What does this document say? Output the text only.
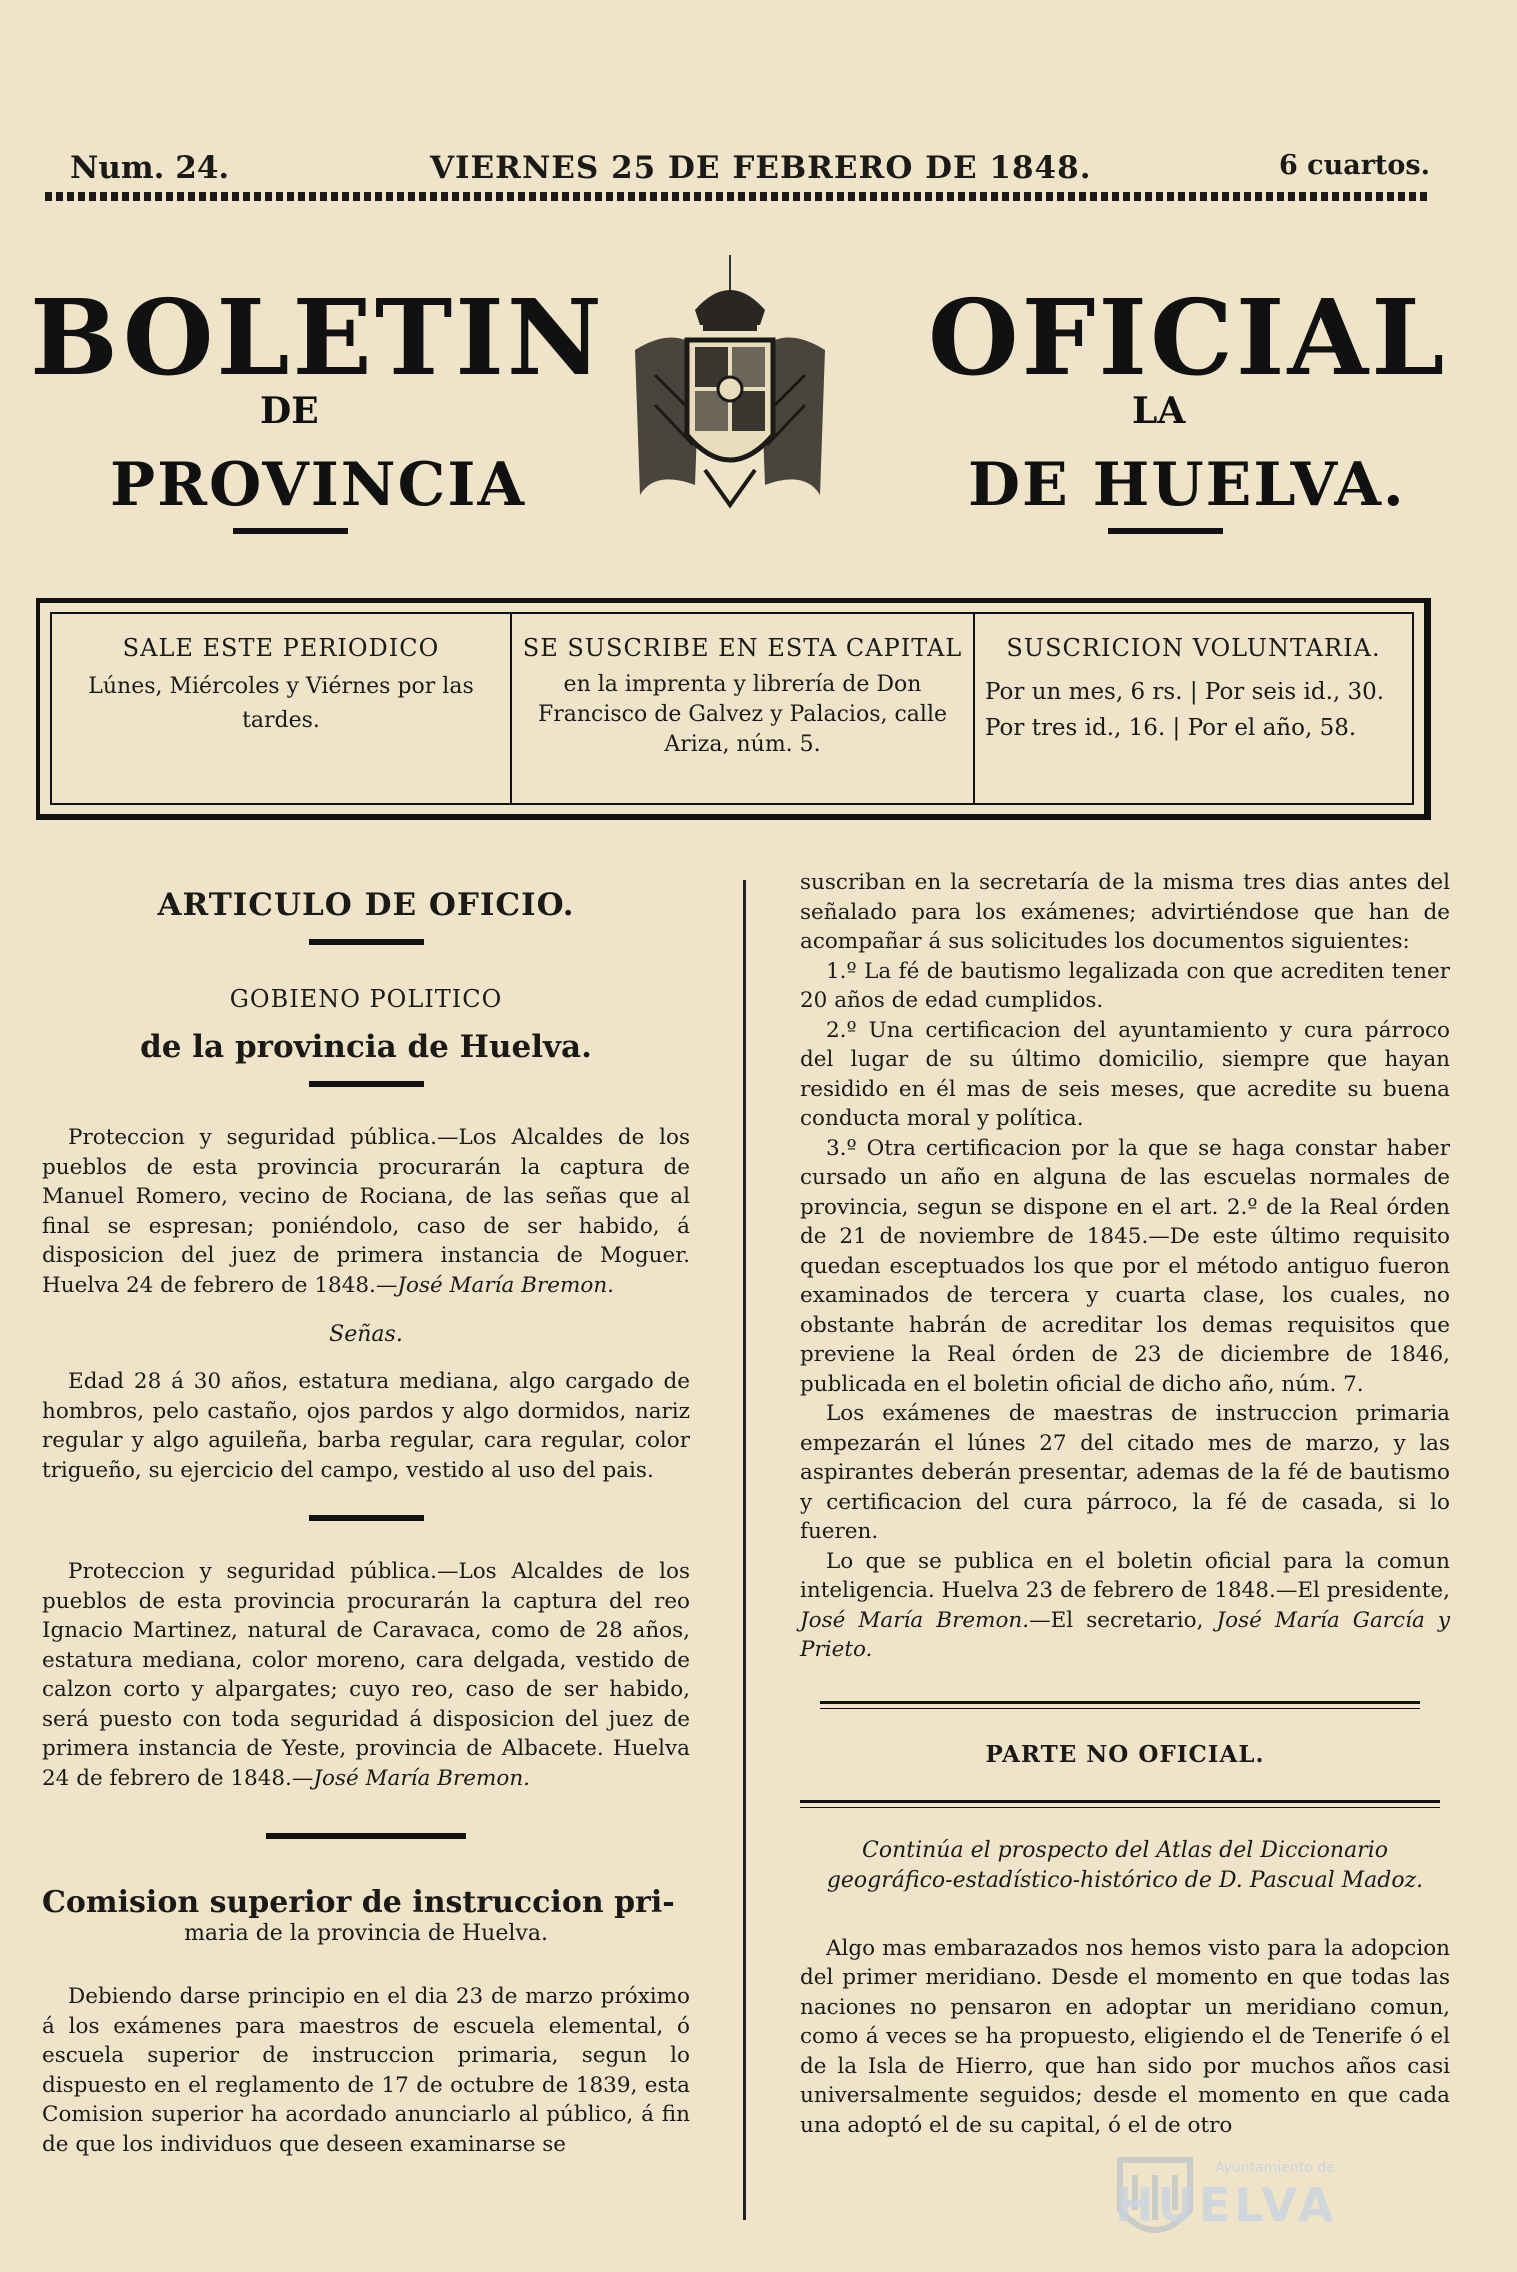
Num. 24.	VIERNES 25 DE FEBRERO DE 1848.	6 cuartos.
BOLETIN	OFICIAL
DE	LA
PROVINCIA	DE HUELVA.
SALE ESTE PERIODICO
Lúnes, Miércoles y Viérnes por las tardes.
SE SUSCRIBE EN ESTA CAPITAL
en la imprenta y librería de Don Francisco de Galvez y Palacios, calle Ariza, núm. 5.
SUSCRICION VOLUNTARIA.
Por un mes, 6 rs. | Por seis id., 30.
Por tres id., 16. | Por el año, 58.
ARTICULO DE OFICIO.
GOBIENO POLITICO
de la provincia de Huelva.

Proteccion y seguridad pública.—Los Alcaldes de los pueblos de esta provincia procurarán la captura de Manuel Romero, vecino de Rociana, de las señas que al final se espresan; poniéndolo, caso de ser habido, á disposicion del juez de primera instancia de Moguer. Huelva 24 de febrero de 1848.—José María Bremon.

Señas.

Edad 28 á 30 años, estatura mediana, algo cargado de hombros, pelo castaño, ojos pardos y algo dormidos, nariz regular y algo aguileña, barba regular, cara regular, color trigueño, su ejercicio del campo, vestido al uso del pais.

Proteccion y seguridad pública.—Los Alcaldes de los pueblos de esta provincia procurarán la captura del reo Ignacio Martinez, natural de Caravaca, como de 28 años, estatura mediana, color moreno, cara delgada, vestido de calzon corto y alpargates; cuyo reo, caso de ser habido, será puesto con toda seguridad á disposicion del juez de primera instancia de Yeste, provincia de Albacete. Huelva 24 de febrero de 1848.—José María Bremon.

Comision superior de instruccion pri-
maria de la provincia de Huelva.

Debiendo darse principio en el dia 23 de marzo próximo á los exámenes para maestros de escuela elemental, ó escuela superior de instruccion primaria, segun lo dispuesto en el reglamento de 17 de octubre de 1839, esta Comision superior ha acordado anunciarlo al público, á fin de que los individuos que deseen examinarse se

suscriban en la secretaría de la misma tres dias antes del señalado para los exámenes; advirtiéndose que han de acompañar á sus solicitudes los documentos siguientes:

1.º La fé de bautismo legalizada con que acrediten tener 20 años de edad cumplidos.

2.º Una certificacion del ayuntamiento y cura párroco del lugar de su último domicilio, siempre que hayan residido en él mas de seis meses, que acredite su buena conducta moral y política.

3.º Otra certificacion por la que se haga constar haber cursado un año en alguna de las escuelas normales de provincia, segun se dispone en el art. 2.º de la Real órden de 21 de noviembre de 1845.—De este último requisito quedan esceptuados los que por el método antiguo fueron examinados de tercera y cuarta clase, los cuales, no obstante habrán de acreditar los demas requisitos que previene la Real órden de 23 de diciembre de 1846, publicada en el boletin oficial de dicho año, núm. 7.

Los exámenes de maestras de instruccion primaria empezarán el lúnes 27 del citado mes de marzo, y las aspirantes deberán presentar, ademas de la fé de bautismo y certificacion del cura párroco, la fé de casada, si lo fueren.

Lo que se publica en el boletin oficial para la comun inteligencia. Huelva 23 de febrero de 1848.—El presidente, José María Bremon.—El secretario, José María García y Prieto.

PARTE NO OFICIAL.
Continúa el prospecto del Atlas del Diccionario geográfico-estadístico-histórico de D. Pascual Madoz.

Algo mas embarazados nos hemos visto para la adopcion del primer meridiano. Desde el momento en que todas las naciones no pensaron en adoptar un meridiano comun, como á veces se ha propuesto, eligiendo el de Tenerife ó el de la Isla de Hierro, que han sido por muchos años casi universalmente seguidos; desde el momento en que cada una adoptó el de su capital, ó el de otro

Ayuntamiento de
HUELVA
